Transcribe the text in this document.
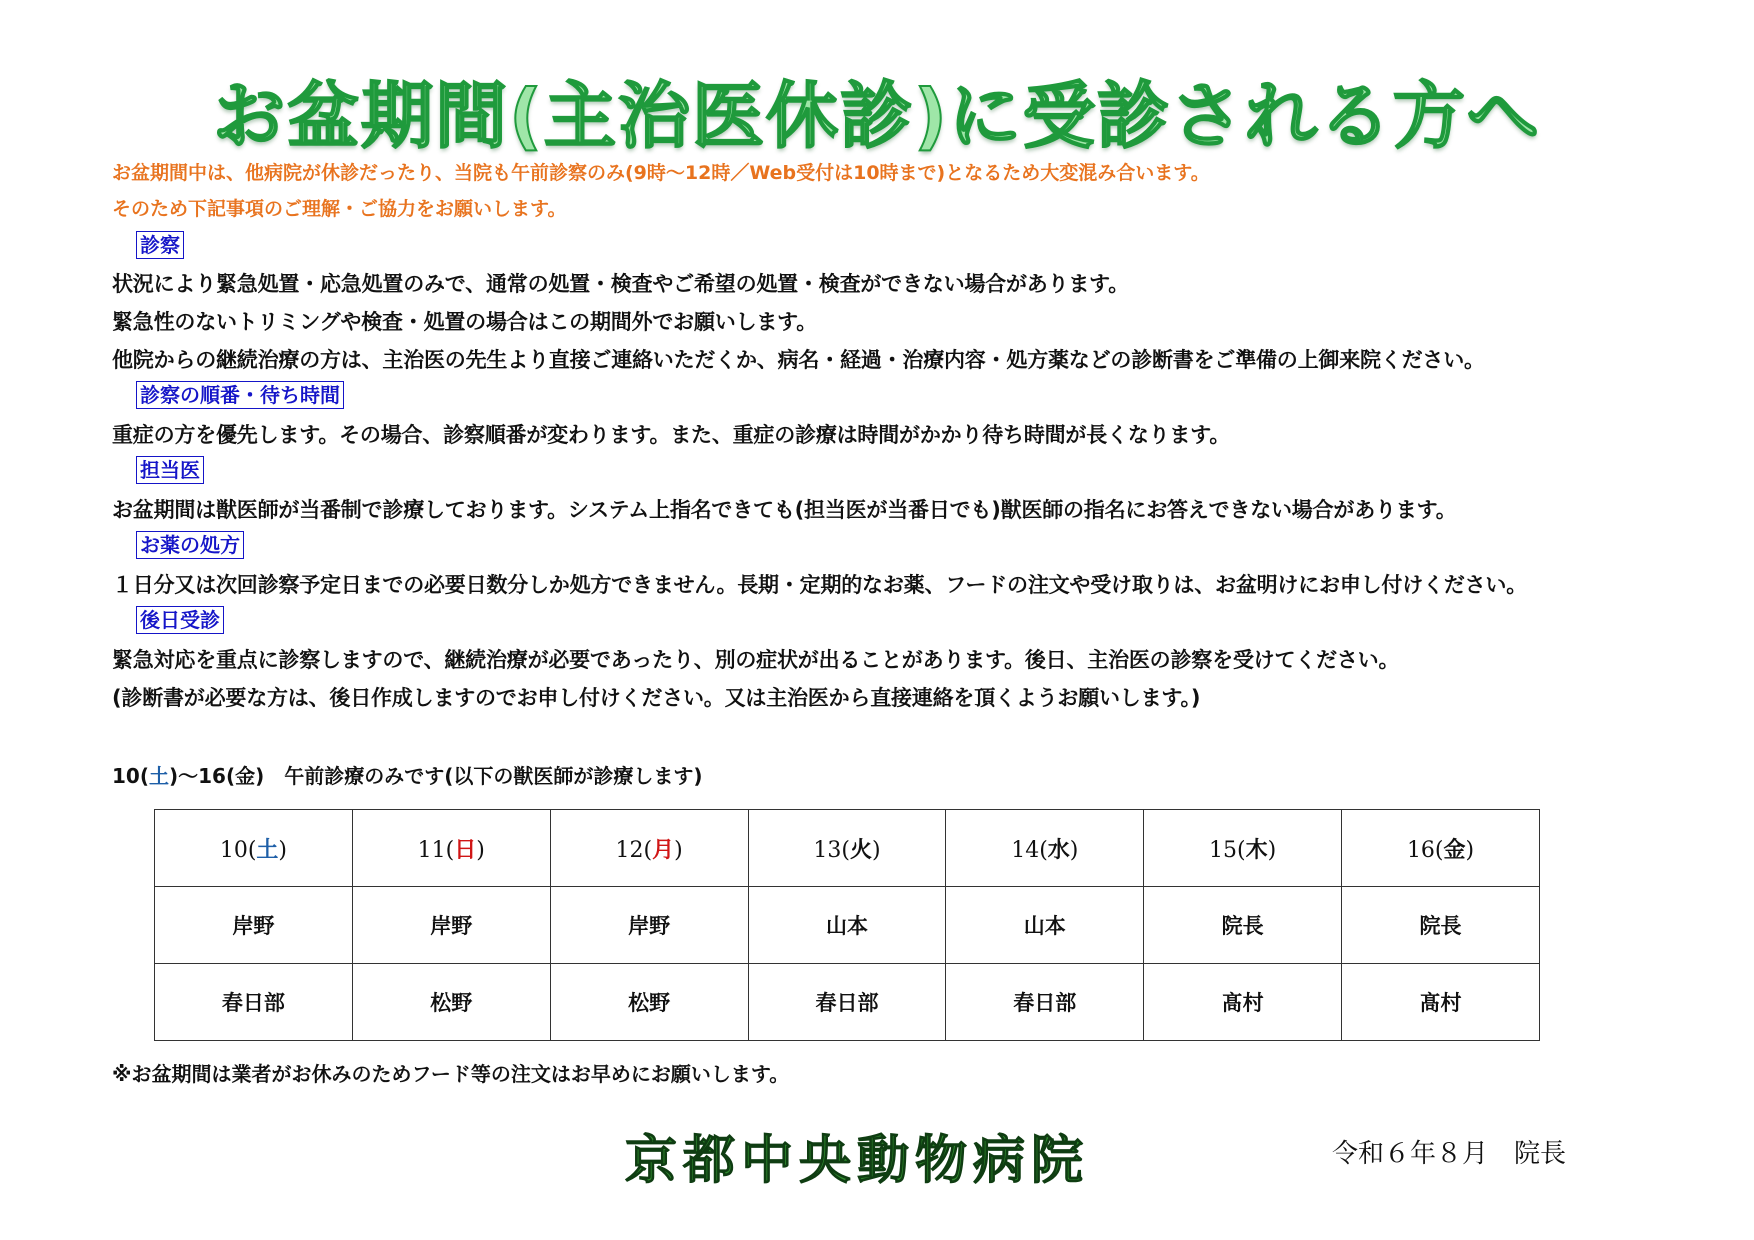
お盆期間(主治医休診)に受診される方へ
お盆期間中は、他病院が休診だったり、当院も午前診察のみ(9時～12時／Web受付は10時まで)となるため大変混み合います。
そのため下記事項のご理解・ご協力をお願いします。
診察
状況により緊急処置・応急処置のみで、通常の処置・検査やご希望の処置・検査ができない場合があります。
緊急性のないトリミングや検査・処置の場合はこの期間外でお願いします。
他院からの継続治療の方は、主治医の先生より直接ご連絡いただくか、病名・経過・治療内容・処方薬などの診断書をご準備の上御来院ください。
診察の順番・待ち時間
重症の方を優先します。その場合、診察順番が変わります。また、重症の診療は時間がかかり待ち時間が長くなります。
担当医
お盆期間は獣医師が当番制で診療しております。システム上指名できても(担当医が当番日でも)獣医師の指名にお答えできない場合があります。
お薬の処方
１日分又は次回診察予定日までの必要日数分しか処方できません。長期・定期的なお薬、フードの注文や受け取りは、お盆明けにお申し付けください。
後日受診
緊急対応を重点に診察しますので、継続治療が必要であったり、別の症状が出ることがあります。後日、主治医の診察を受けてください。
(診断書が必要な方は、後日作成しますのでお申し付けください。又は主治医から直接連絡を頂くようお願いします。)
10(土)～16(金)　午前診療のみです(以下の獣医師が診療します)
10(土)	11(日)	12(月)	13(火)	14(水)	15(木)	16(金)
岸野	岸野	岸野	山本	山本	院長	院長
春日部	松野	松野	春日部	春日部	髙村	髙村
※お盆期間は業者がお休みのためフード等の注文はお早めにお願いします。
京都中央動物病院	令和６年８月　 院長
